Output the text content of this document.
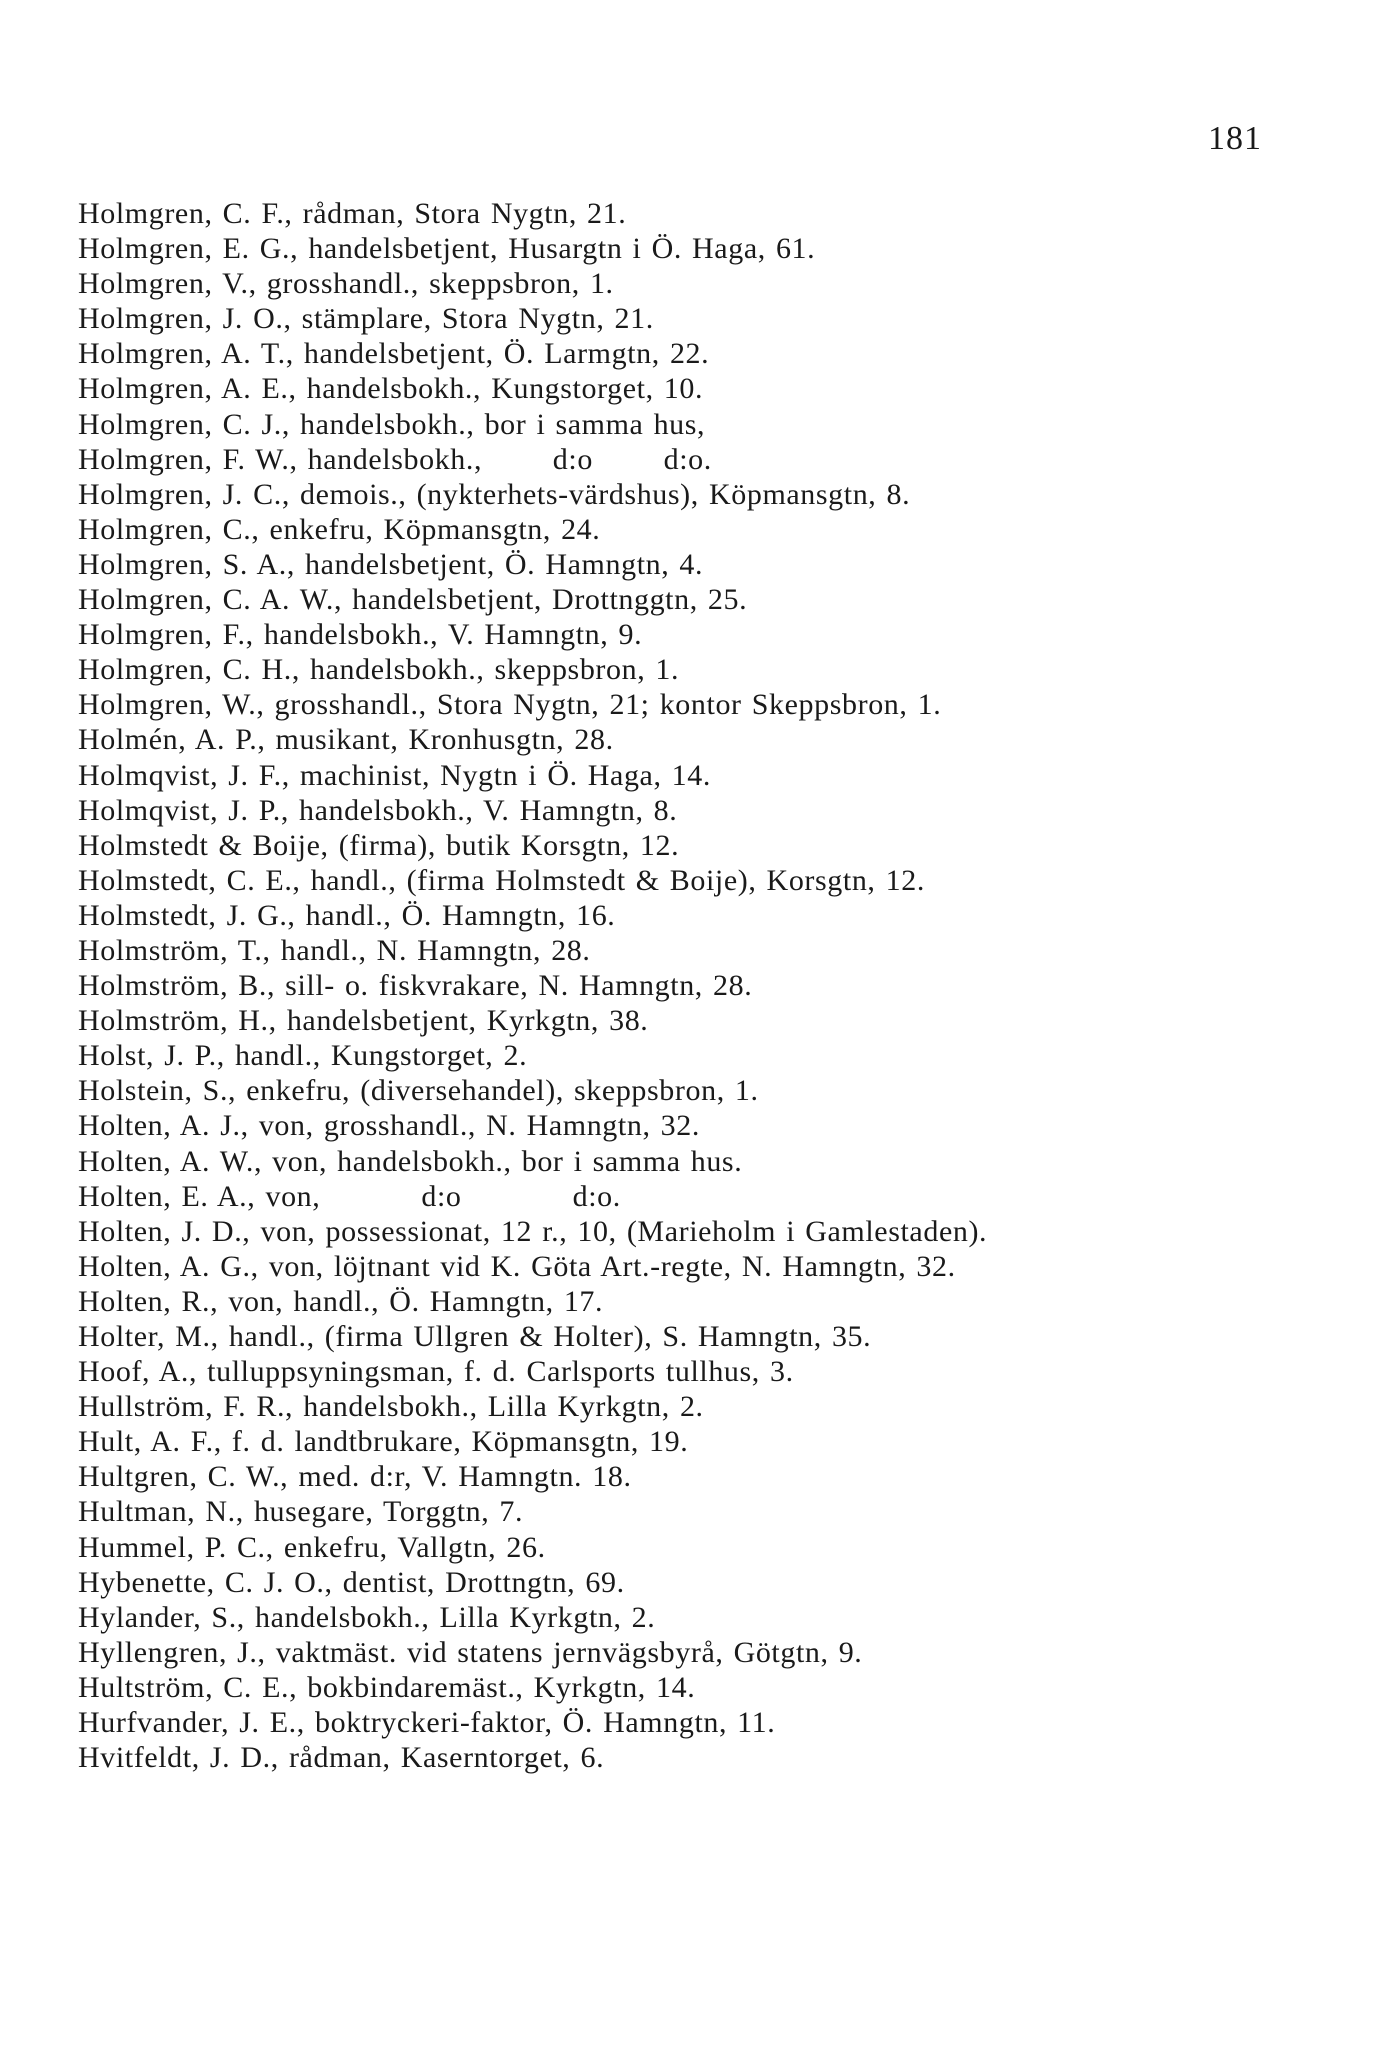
181
Holmgren, C. F., rådman, Stora Nygtn, 21.
Holmgren, E. G., handelsbetjent, Husargtn i Ö. Haga, 61.
Holmgren, V., grosshandl., skeppsbron, 1.
Holmgren, J. O., stämplare, Stora Nygtn, 21.
Holmgren, A. T., handelsbetjent, Ö. Larmgtn, 22.
Holmgren, A. E., handelsbokh., Kungstorget, 10.
Holmgren, C. J., handelsbokh., bor i samma hus,
Holmgren, F. W., handelsbokh.,       d:o       d:o.
Holmgren, J. C., demois., (nykterhets-värdshus), Köpmansgtn, 8.
Holmgren, C., enkefru, Köpmansgtn, 24.
Holmgren, S. A., handelsbetjent, Ö. Hamngtn, 4.
Holmgren, C. A. W., handelsbetjent, Drottnggtn, 25.
Holmgren, F., handelsbokh., V. Hamngtn, 9.
Holmgren, C. H., handelsbokh., skeppsbron, 1.
Holmgren, W., grosshandl., Stora Nygtn, 21; kontor Skeppsbron, 1.
Holmén, A. P., musikant, Kronhusgtn, 28.
Holmqvist, J. F., machinist, Nygtn i Ö. Haga, 14.
Holmqvist, J. P., handelsbokh., V. Hamngtn, 8.
Holmstedt & Boije, (firma), butik Korsgtn, 12.
Holmstedt, C. E., handl., (firma Holmstedt & Boije), Korsgtn, 12.
Holmstedt, J. G., handl., Ö. Hamngtn, 16.
Holmström, T., handl., N. Hamngtn, 28.
Holmström, B., sill- o. fiskvrakare, N. Hamngtn, 28.
Holmström, H., handelsbetjent, Kyrkgtn, 38.
Holst, J. P., handl., Kungstorget, 2.
Holstein, S., enkefru, (diversehandel), skeppsbron, 1.
Holten, A. J., von, grosshandl., N. Hamngtn, 32.
Holten, A. W., von, handelsbokh., bor i samma hus.
Holten, E. A., von,          d:o           d:o.
Holten, J. D., von, possessionat, 12 r., 10, (Marieholm i Gamlestaden).
Holten, A. G., von, löjtnant vid K. Göta Art.-regte, N. Hamngtn, 32.
Holten, R., von, handl., Ö. Hamngtn, 17.
Holter, M., handl., (firma Ullgren & Holter), S. Hamngtn, 35.
Hoof, A., tulluppsyningsman, f. d. Carlsports tullhus, 3.
Hullström, F. R., handelsbokh., Lilla Kyrkgtn, 2.
Hult, A. F., f. d. landtbrukare, Köpmansgtn, 19.
Hultgren, C. W., med. d:r, V. Hamngtn. 18.
Hultman, N., husegare, Torggtn, 7.
Hummel, P. C., enkefru, Vallgtn, 26.
Hybenette, C. J. O., dentist, Drottngtn, 69.
Hylander, S., handelsbokh., Lilla Kyrkgtn, 2.
Hyllengren, J., vaktmäst. vid statens jernvägsbyrå, Götgtn, 9.
Hultström, C. E., bokbindaremäst., Kyrkgtn, 14.
Hurfvander, J. E., boktryckeri-faktor, Ö. Hamngtn, 11.
Hvitfeldt, J. D., rådman, Kaserntorget, 6.
